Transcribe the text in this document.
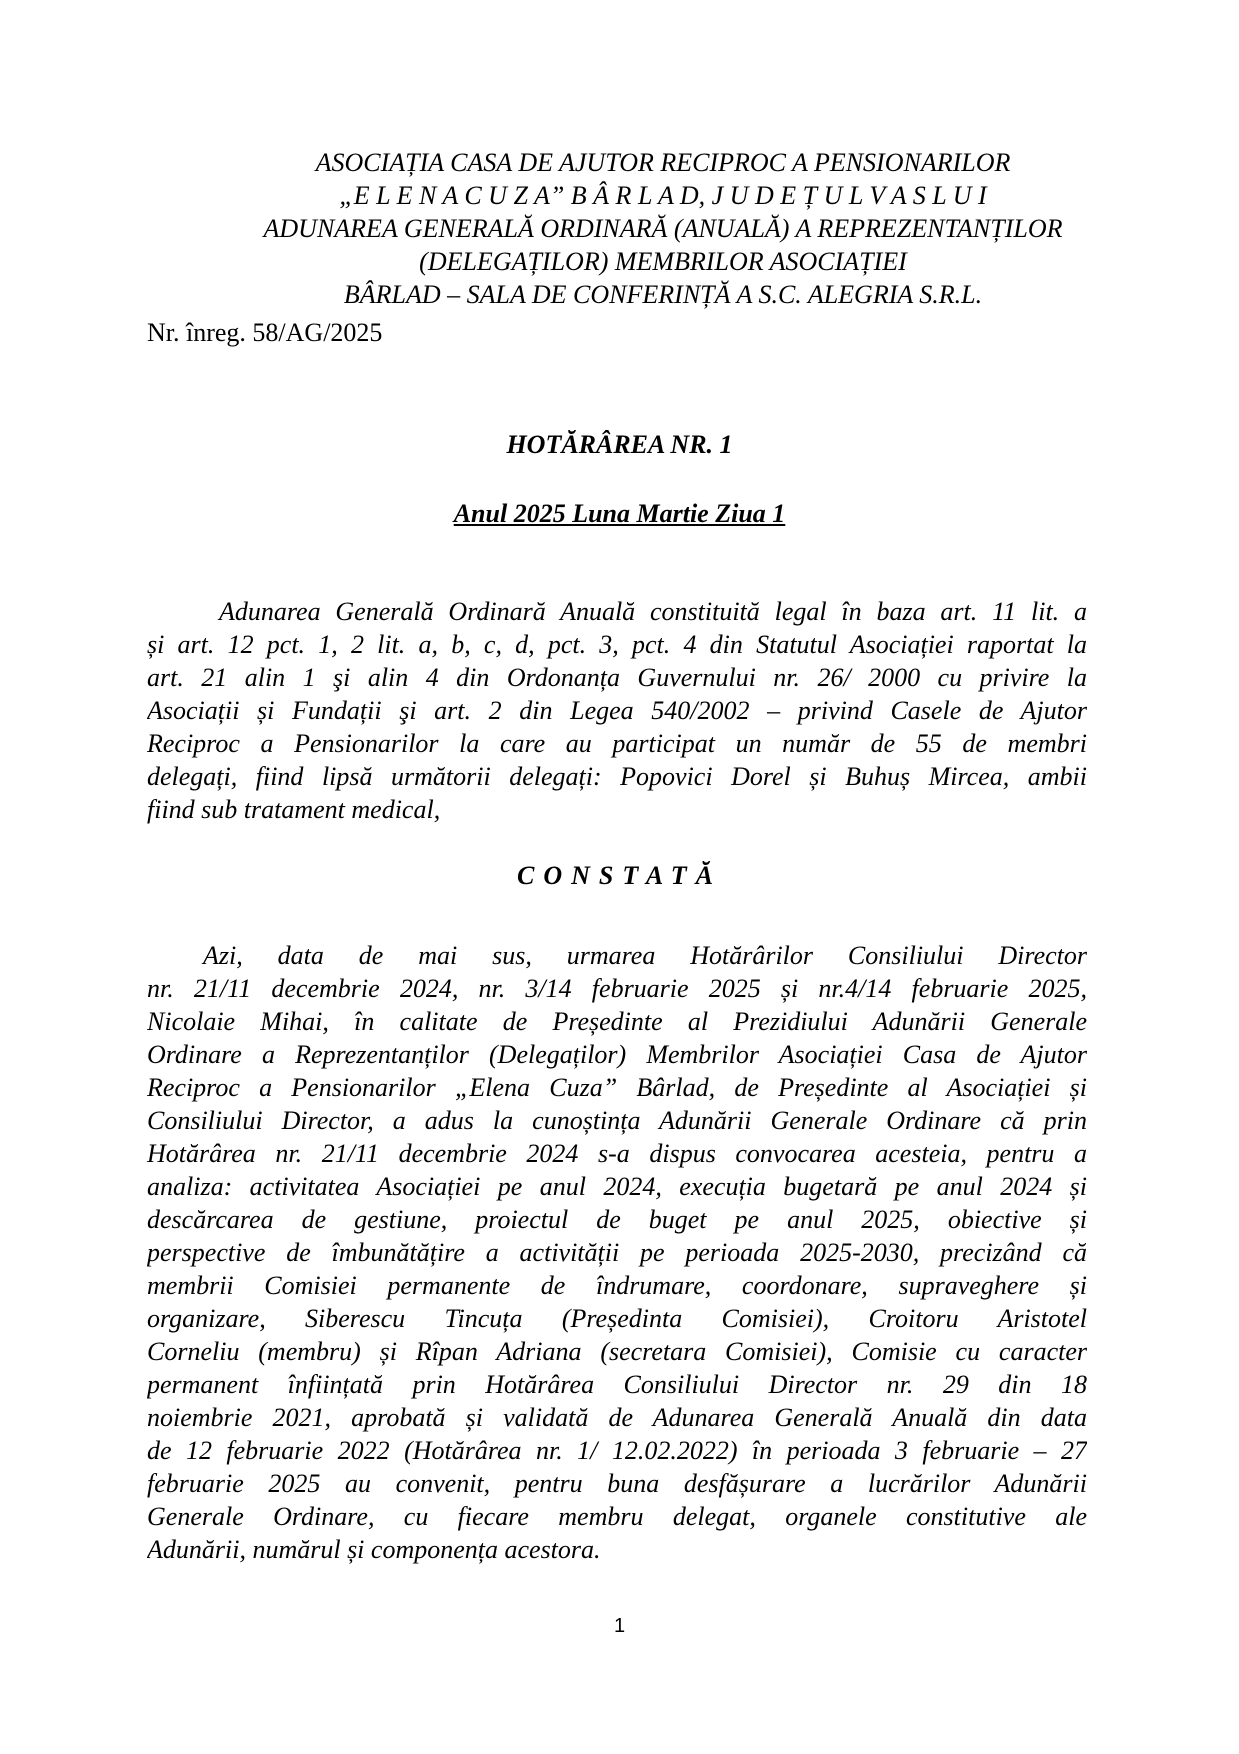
ASOCIAȚIA CASA DE AJUTOR RECIPROC A PENSIONARILOR
„E L E N A C U Z A” B Â R L A D, J U D E Ț U L V A S L U I
ADUNAREA GENERALĂ ORDINARĂ (ANUALĂ) A REPREZENTANȚILOR
(DELEGAȚILOR) MEMBRILOR ASOCIAȚIEI
BÂRLAD – SALA DE CONFERINȚĂ A S.C. ALEGRIA S.R.L.
Nr. înreg. 58/AG/2025
HOTĂRÂREA NR. 1
Anul 2025 Luna Martie Ziua 1
Adunarea Generală Ordinară Anuală constituită legal în baza art. 11 lit. a
și art. 12 pct. 1, 2 lit. a, b, c, d, pct. 3, pct. 4 din Statutul Asociației raportat la
art. 21 alin 1 şi alin 4 din Ordonanța Guvernului nr. 26/ 2000 cu privire la
Asociații și Fundații şi art. 2 din Legea 540/2002 – privind Casele de Ajutor
Reciproc a Pensionarilor la care au participat un număr de 55 de membri
delegați, fiind lipsă următorii delegați: Popovici Dorel și Buhuș Mircea, ambii
fiind sub tratament medical,
CONSTATĂ
Azi, data de mai sus, urmarea Hotărârilor Consiliului Director
nr. 21/11 decembrie 2024, nr. 3/14 februarie 2025 și nr.4/14 februarie 2025,
Nicolaie Mihai, în calitate de Președinte al Prezidiului Adunării Generale
Ordinare a Reprezentanților (Delegaților) Membrilor Asociației Casa de Ajutor
Reciproc a Pensionarilor „Elena Cuza” Bârlad, de Președinte al Asociației și
Consiliului Director, a adus la cunoștința Adunării Generale Ordinare că prin
Hotărârea nr. 21/11 decembrie 2024 s-a dispus convocarea acesteia, pentru a
analiza: activitatea Asociației pe anul 2024, execuția bugetară pe anul 2024 și
descărcarea de gestiune, proiectul de buget pe anul 2025, obiective și
perspective de îmbunătățire a activității pe perioada 2025-2030, precizând că
membrii Comisiei permanente de îndrumare, coordonare, supraveghere și
organizare, Siberescu Tincuța (Președinta Comisiei), Croitoru Aristotel
Corneliu (membru) și Rîpan Adriana (secretara Comisiei), Comisie cu caracter
permanent înființată prin Hotărârea Consiliului Director nr. 29 din 18
noiembrie 2021, aprobată și validată de Adunarea Generală Anuală din data
de 12 februarie 2022 (Hotărârea nr. 1/ 12.02.2022) în perioada 3 februarie – 27
februarie 2025 au convenit, pentru buna desfășurare a lucrărilor Adunării
Generale Ordinare, cu fiecare membru delegat, organele constitutive ale
Adunării, numărul și componența acestora.
1
